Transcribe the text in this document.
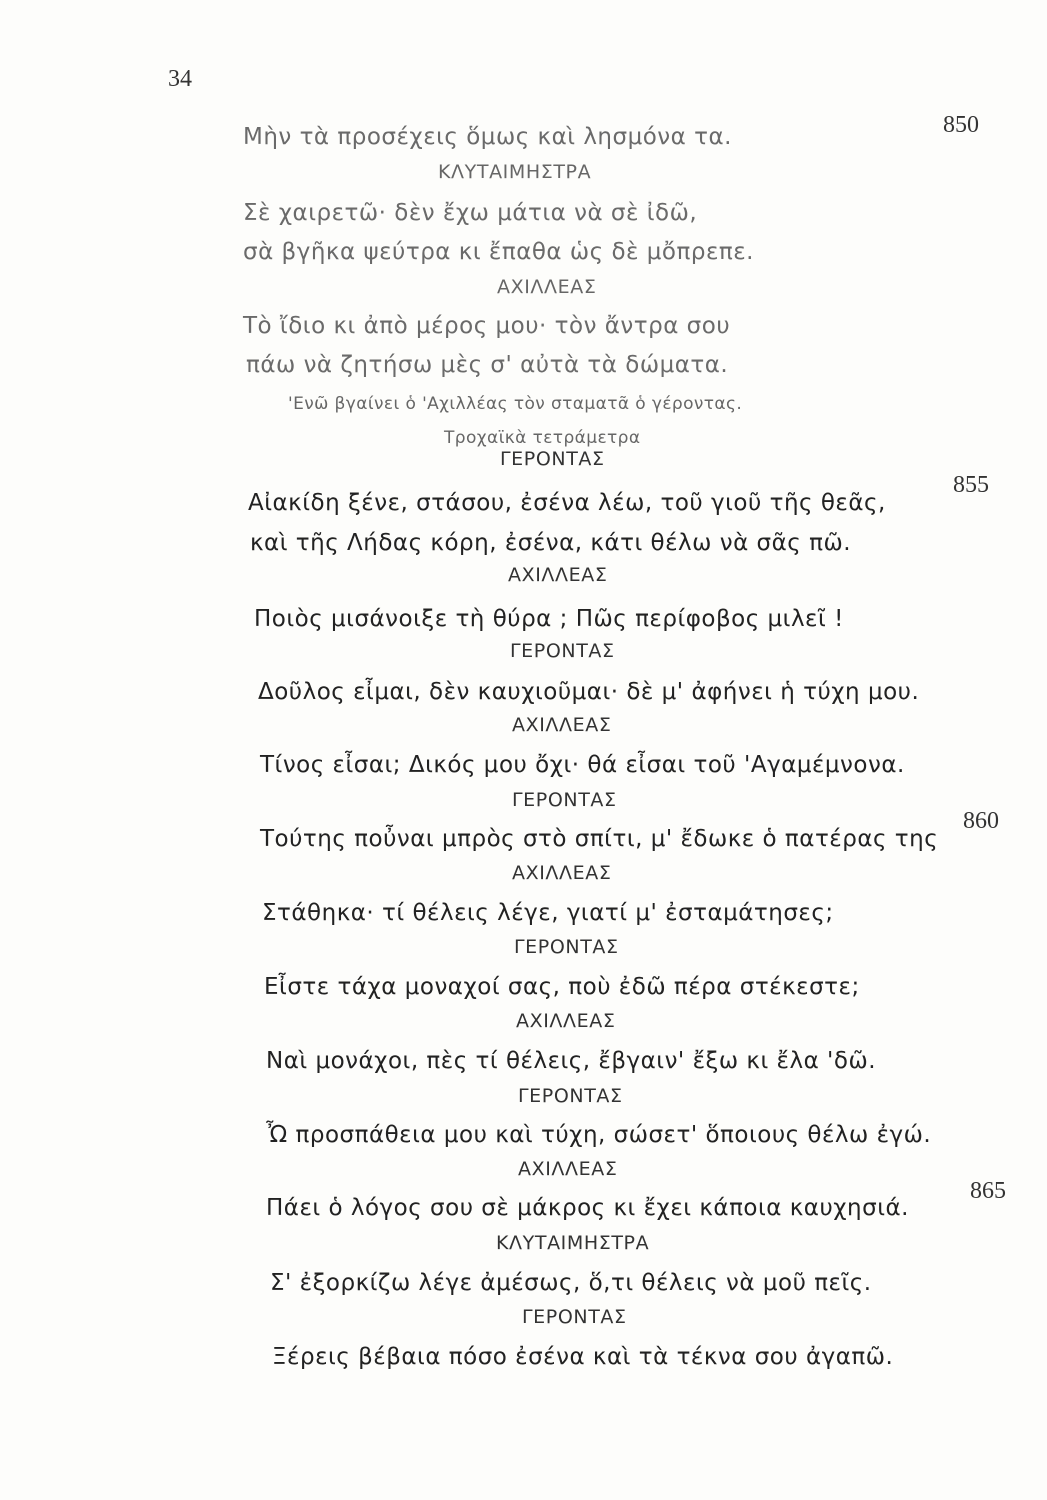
34
850
855
860
865
Μὴν τὰ προσέχεις ὅμως καὶ λησμόνα τα.
ΚΛΥΤΑΙΜΗΣΤΡΑ
Σὲ χαιρετῶ· δὲν ἔχω μάτια νὰ σὲ ἰδῶ,
σὰ βγῆκα ψεύτρα κι ἔπαθα ὡς δὲ μὄπρεπε.
ΑΧΙΛΛΕΑΣ
Τὸ ἴδιο κι ἀπὸ μέρος μου· τὸν ἄντρα σου
πάω νὰ ζητήσω μὲς σ' αὐτὰ τὰ δώματα.
'Ενῶ βγαίνει ὁ 'Αχιλλέας τὸν σταματᾶ ὁ γέροντας.
Τροχαϊκὰ τετράμετρα
ΓΕΡΟΝΤΑΣ
Αἰακίδη ξένε, στάσου, ἐσένα λέω, τοῦ γιοῦ τῆς θεᾶς,
καὶ τῆς Λήδας κόρη, ἐσένα, κάτι θέλω νὰ σᾶς πῶ.
ΑΧΙΛΛΕΑΣ
Ποιὸς μισάνοιξε τὴ θύρα ; Πῶς περίφοβος μιλεῖ !
ΓΕΡΟΝΤΑΣ
Δοῦλος εἶμαι, δὲν καυχιοῦμαι· δὲ μ' ἀφήνει ἡ τύχη μου.
ΑΧΙΛΛΕΑΣ
Τίνος εἶσαι; Δικός μου ὄχι· θά εἶσαι τοῦ 'Αγαμέμνονα.
ΓΕΡΟΝΤΑΣ
Τούτης ποὖναι μπρὸς στὸ σπίτι, μ' ἔδωκε ὁ πατέρας της
ΑΧΙΛΛΕΑΣ
Στάθηκα· τί θέλεις λέγε, γιατί μ' ἐσταμάτησες;
ΓΕΡΟΝΤΑΣ
Εἶστε τάχα μοναχοί σας, ποὺ ἐδῶ πέρα στέκεστε;
ΑΧΙΛΛΕΑΣ
Ναὶ μονάχοι, πὲς τί θέλεις, ἔβγαιν' ἔξω κι ἔλα 'δῶ.
ΓΕΡΟΝΤΑΣ
Ὦ προσπάθεια μου καὶ τύχη, σώσετ' ὅποιους θέλω ἐγώ.
ΑΧΙΛΛΕΑΣ
Πάει ὁ λόγος σου σὲ μάκρος κι ἔχει κάποια καυχησιά.
ΚΛΥΤΑΙΜΗΣΤΡΑ
Σ' ἐξορκίζω λέγε ἀμέσως, ὅ,τι θέλεις νὰ μοῦ πεῖς.
ΓΕΡΟΝΤΑΣ
Ξέρεις βέβαια πόσο ἐσένα καὶ τὰ τέκνα σου ἀγαπῶ.
